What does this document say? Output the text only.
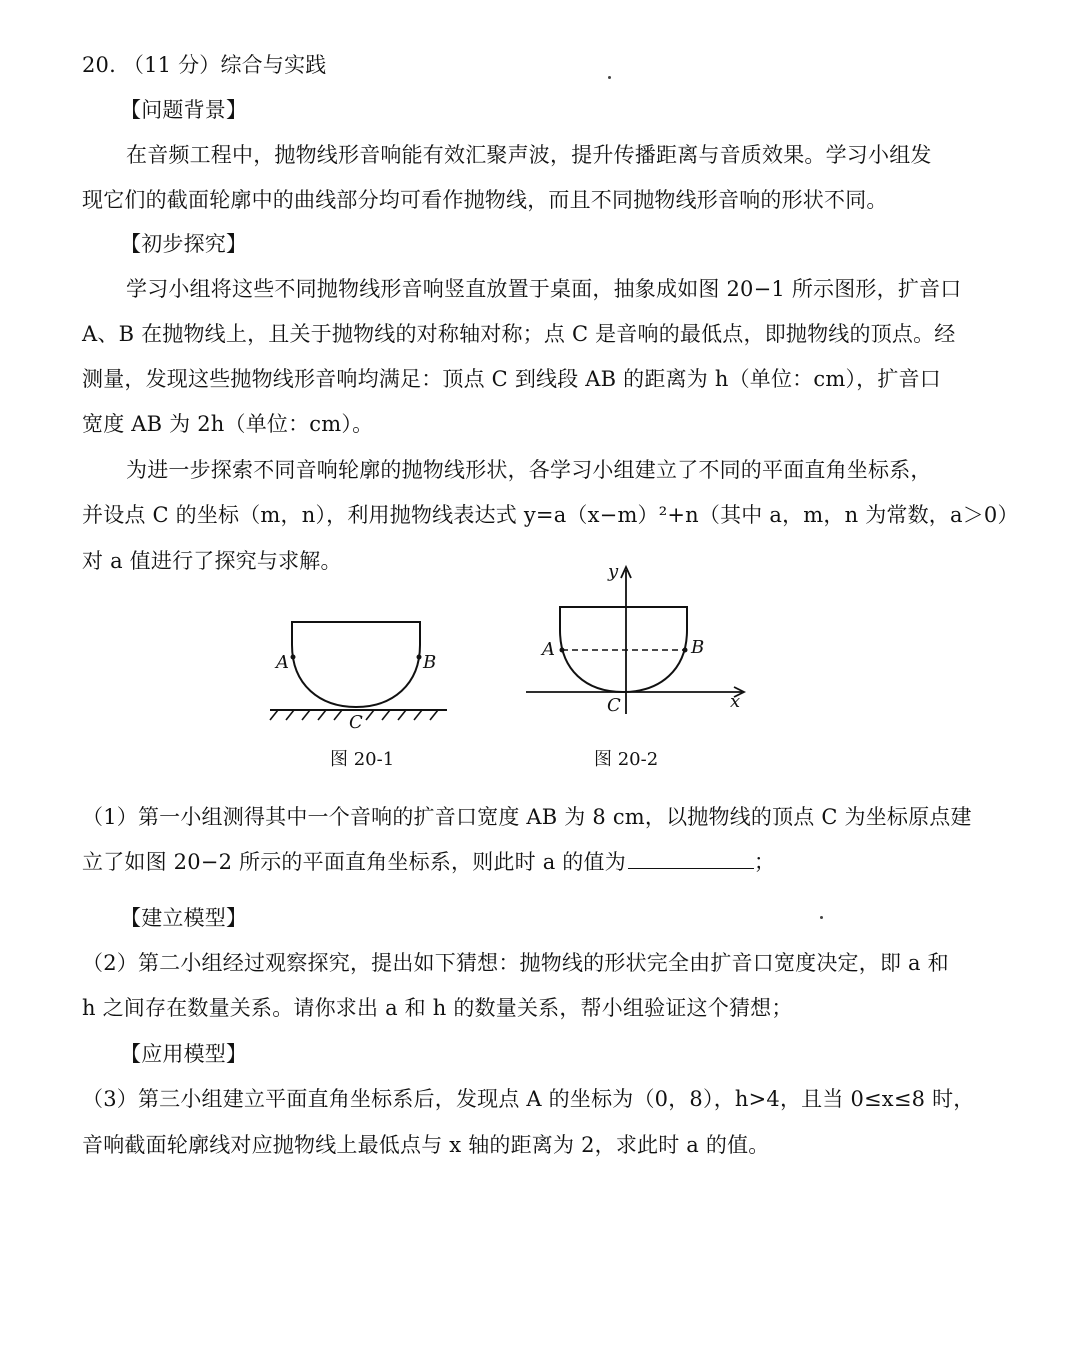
20. （11 分）综合与实践
【问题背景】
在音频工程中，抛物线形音响能有效汇聚声波，提升传播距离与音质效果。学习小组发
现它们的截面轮廓中的曲线部分均可看作抛物线，而且不同抛物线形音响的形状不同。
【初步探究】
学习小组将这些不同抛物线形音响竖直放置于桌面，抽象成如图 20−1 所示图形，扩音口
A、B 在抛物线上，且关于抛物线的对称轴对称；点 C 是音响的最低点，即抛物线的顶点。经
测量，发现这些抛物线形音响均满足：顶点 C 到线段 AB 的距离为 h（单位：cm），扩音口
宽度 AB 为 2h（单位：cm）。
为进一步探索不同音响轮廓的抛物线形状，各学习小组建立了不同的平面直角坐标系，
并设点 C 的坐标（m，n），利用抛物线表达式 y=a（x−m）²+n（其中 a，m，n 为常数，a＞0）
对 a 值进行了探究与求解。
A	B
C
图 20-1
y
A	B
C	x
图 20-2
（1）第一小组测得其中一个音响的扩音口宽度 AB 为 8 cm，以抛物线的顶点 C 为坐标原点建
立了如图 20−2 所示的平面直角坐标系，则此时 a 的值为	；
【建立模型】
（2）第二小组经过观察探究，提出如下猜想：抛物线的形状完全由扩音口宽度决定，即 a 和
h 之间存在数量关系。请你求出 a 和 h 的数量关系，帮小组验证这个猜想；
【应用模型】
（3）第三小组建立平面直角坐标系后，发现点 A 的坐标为（0，8），h>4，且当 0≤x≤8 时，
音响截面轮廓线对应抛物线上最低点与 x 轴的距离为 2，求此时 a 的值。
